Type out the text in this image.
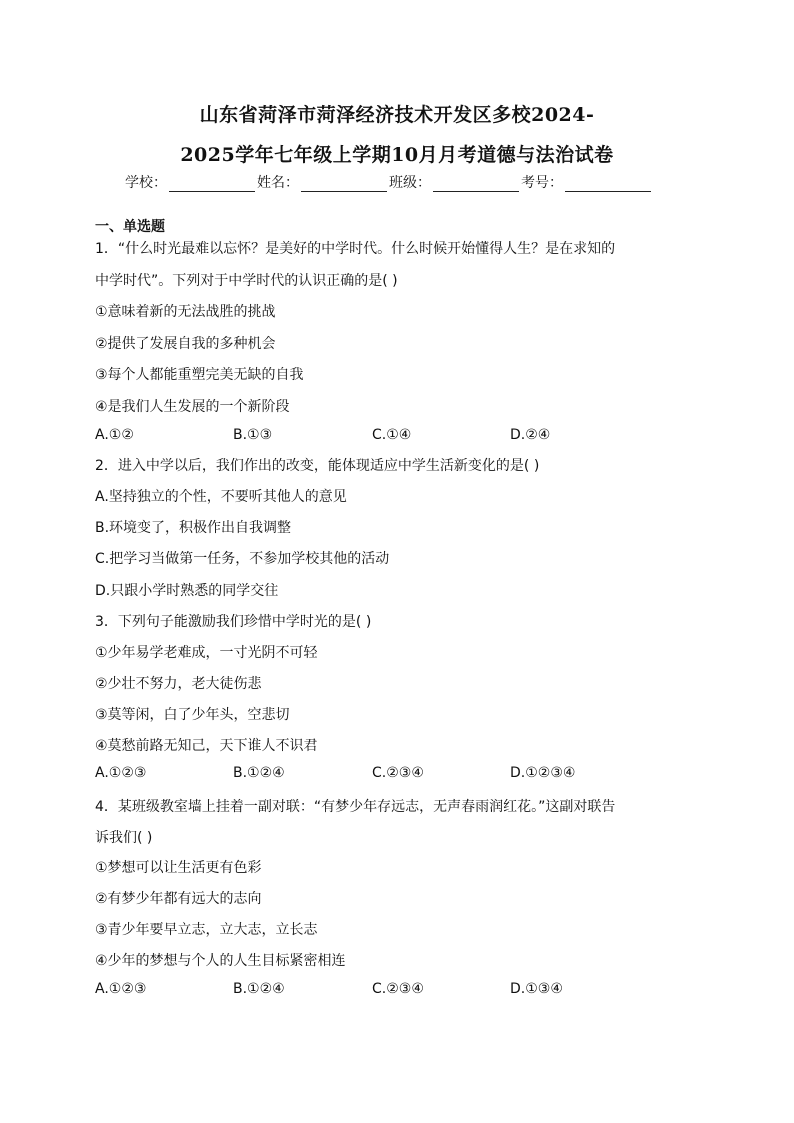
山东省菏泽市菏泽经济技术开发区多校2024-
2025学年七年级上学期10月月考道德与法治试卷
学校：	姓名：	班级：	考号：
一、单选题
1．“什么时光最难以忘怀？是美好的中学时代。什么时候开始懂得人生？是在求知的
中学时代”。下列对于中学时代的认识正确的是( )
①意味着新的无法战胜的挑战
②提供了发展自我的多种机会
③每个人都能重塑完美无缺的自我
④是我们人生发展的一个新阶段
A.①②	B.①③	C.①④	D.②④
2．进入中学以后，我们作出的改变，能体现适应中学生活新变化的是( )
A.坚持独立的个性，不要听其他人的意见
B.环境变了，积极作出自我调整
C.把学习当做第一任务，不参加学校其他的活动
D.只跟小学时熟悉的同学交往
3．下列句子能激励我们珍惜中学时光的是( )
①少年易学老难成，一寸光阴不可轻
②少壮不努力，老大徒伤悲
③莫等闲，白了少年头，空悲切
④莫愁前路无知己，天下谁人不识君
A.①②③	B.①②④	C.②③④	D.①②③④
4．某班级教室墙上挂着一副对联：“有梦少年存远志，无声春雨润红花。”这副对联告
诉我们( )
①梦想可以让生活更有色彩
②有梦少年都有远大的志向
③青少年要早立志，立大志，立长志
④少年的梦想与个人的人生目标紧密相连
A.①②③	B.①②④	C.②③④	D.①③④
